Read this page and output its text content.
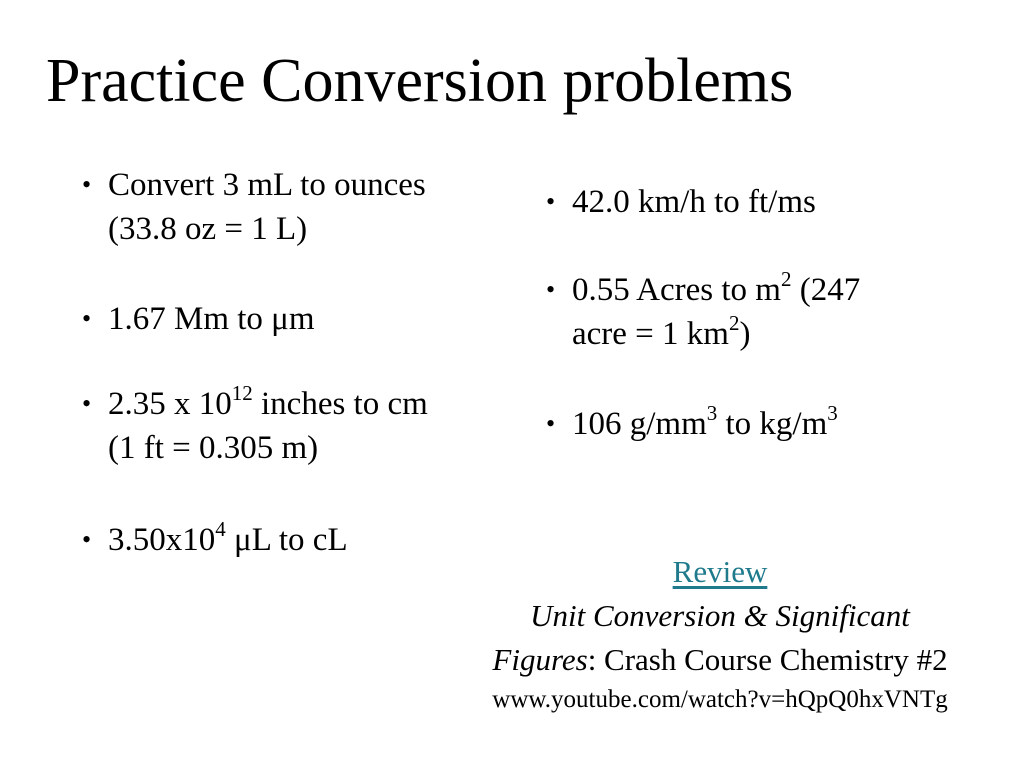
Practice Conversion problems
• Convert 3 mL to ounces
(33.8 oz = 1 L)
• 1.67 Mm to μm
• 2.35 x $10^{12}$ inches to cm
(1 ft = 0.305 m)
• $3.50x10^4$ μL to cL
• 42.0 km/h to ft/ms
• 0.55 Acres to $m^2$ (247
acre = 1 $km^2$)
• 106 $g/mm^3$ to $kg/m^3$
Review
Unit Conversion & Significant
Figures: Crash Course Chemistry #2
www.youtube.com/watch?v=hQpQ0hxVNTg
